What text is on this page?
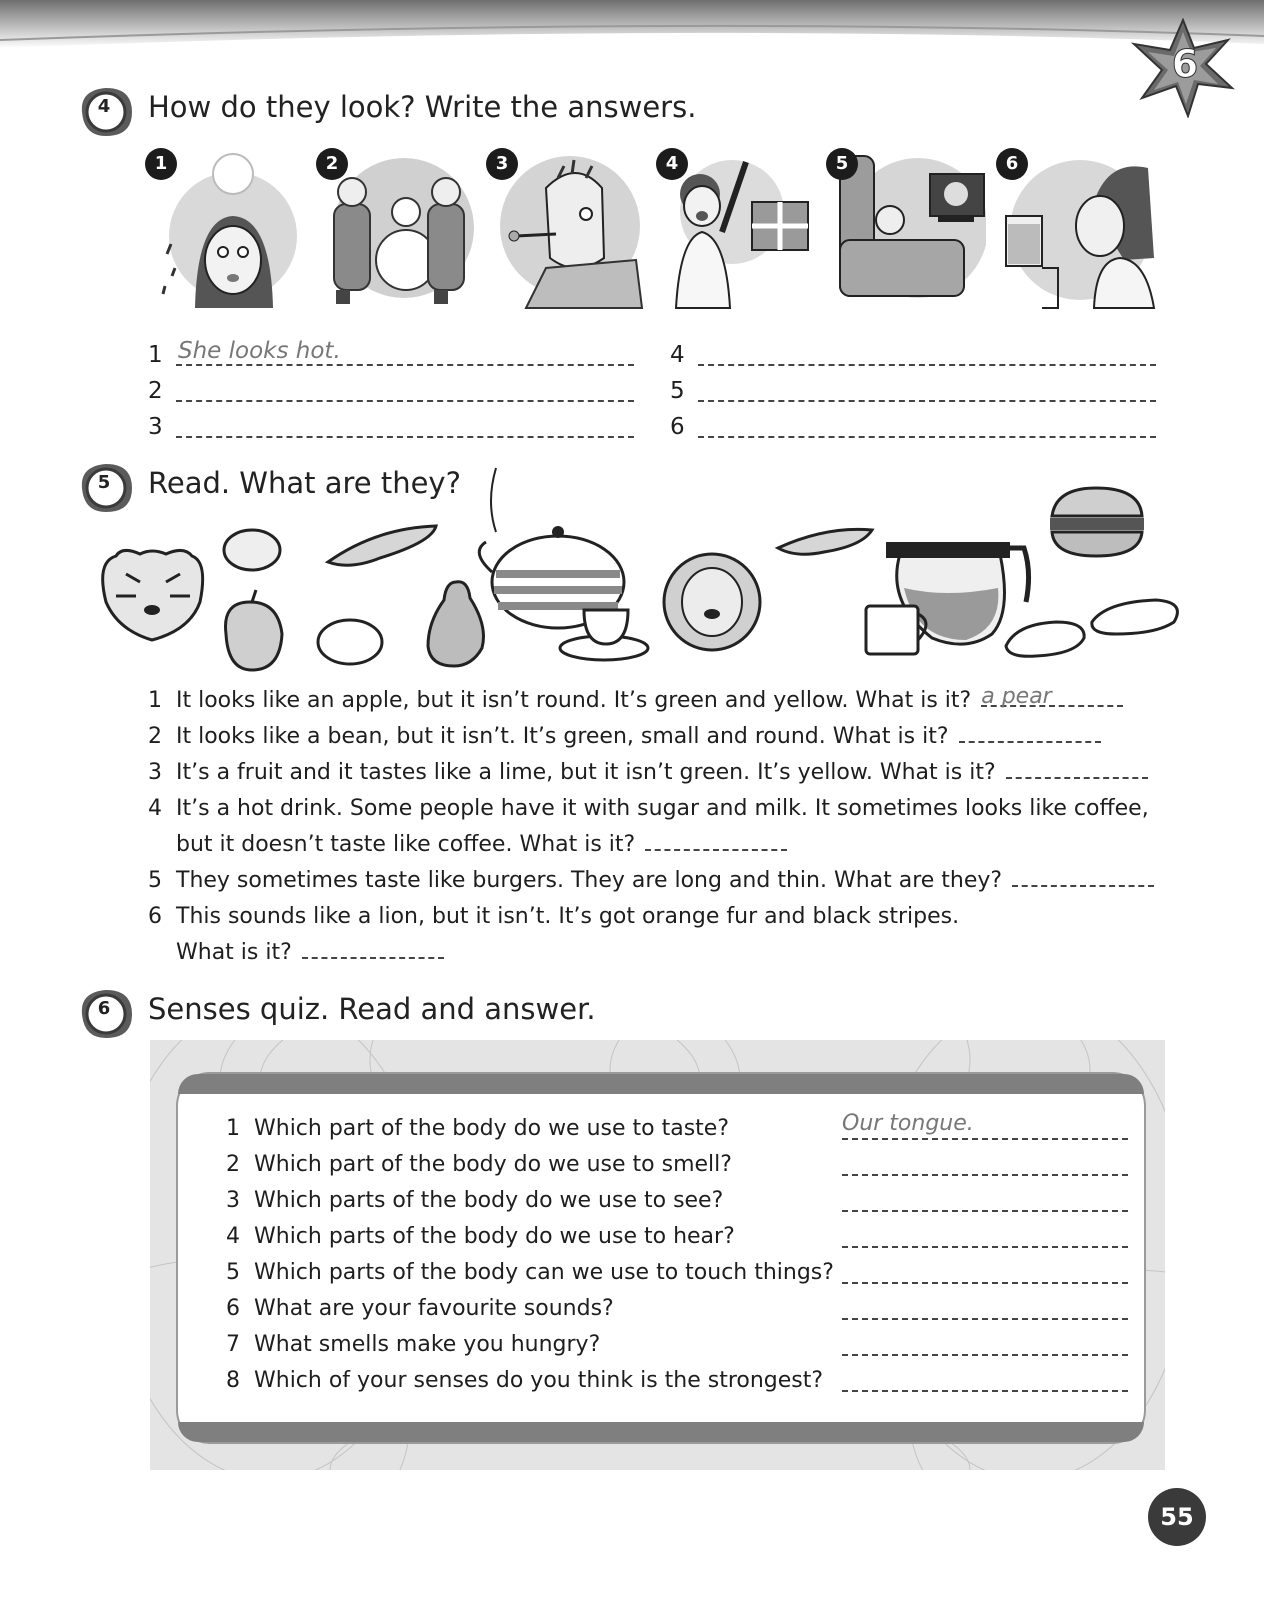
6
4	How do they look? Write the answers.
1	2	3	4	5	6
1 She looks hot.
2
3
4
5
6
5	Read. What are they?
1 It looks like an apple, but it isn’t round. It’s green and yellow. What is it? a pear
2 It looks like a bean, but it isn’t. It’s green, small and round. What is it?
3 It’s a fruit and it tastes like a lime, but it isn’t green. It’s yellow. What is it?
4 It’s a hot drink. Some people have it with sugar and milk. It sometimes looks like coffee,
but it doesn’t taste like coffee. What is it?
5 They sometimes taste like burgers. They are long and thin. What are they?
6 This sounds like a lion, but it isn’t. It’s got orange fur and black stripes.
What is it?
6	Senses quiz. Read and answer.
1 Which part of the body do we use to taste?	Our tongue.
2 Which part of the body do we use to smell?
3 Which parts of the body do we use to see?
4 Which parts of the body do we use to hear?
5 Which parts of the body can we use to touch things?
6 What are your favourite sounds?
7 What smells make you hungry?
8 Which of your senses do you think is the strongest?
55
